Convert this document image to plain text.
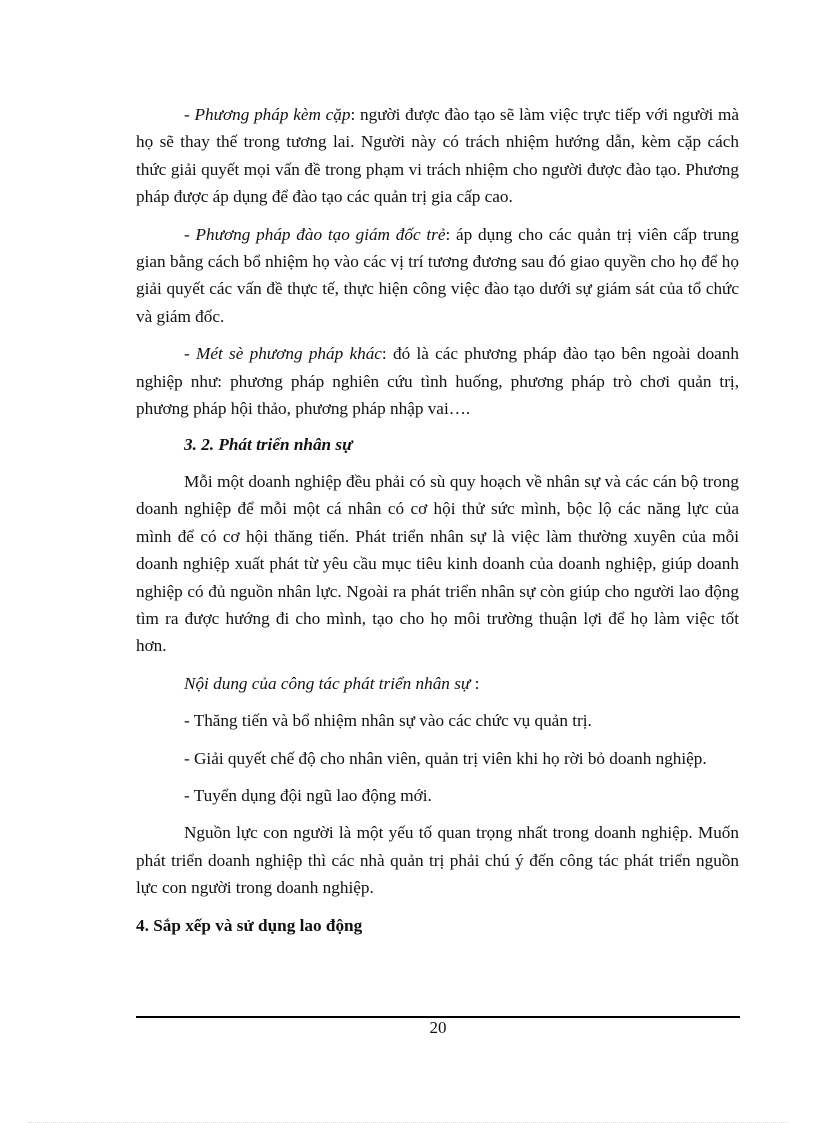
- Phương pháp kèm cặp: người được đào tạo sẽ làm việc trực tiếp với người mà họ sẽ thay thế trong tương lai. Người này có trách nhiệm hướng dẫn, kèm cặp cách thức giải quyết mọi vấn đề trong phạm vi trách nhiệm cho người được đào tạo. Phương pháp được áp dụng để đào tạo các quản trị gia cấp cao.

- Phương pháp đào tạo giám đốc trẻ: áp dụng cho các quản trị viên cấp trung gian bằng cách bổ nhiệm họ vào các vị trí tương đương sau đó giao quyền cho họ để họ giải quyết các vấn đề thực tế, thực hiện công việc đào tạo dưới sự giám sát của tổ chức và giám đốc.

- Mét sè phương pháp khác: đó là các phương pháp đào tạo bên ngoài doanh nghiệp như: phương pháp nghiên cứu tình huống, phương pháp trò chơi quản trị, phương pháp hội thảo, phương pháp nhập vai….

3. 2. Phát triển nhân sự

Mỗi một doanh nghiệp đều phải có sù quy hoạch về nhân sự và các cán bộ trong doanh nghiệp để mỗi một cá nhân có cơ hội thử sức mình, bộc lộ các năng lực của mình để có cơ hội thăng tiến. Phát triển nhân sự là việc làm thường xuyên của mỗi doanh nghiệp xuất phát từ yêu cầu mục tiêu kinh doanh của doanh nghiệp, giúp doanh nghiệp có đủ nguồn nhân lực. Ngoài ra phát triển nhân sự còn giúp cho người lao động tìm ra được hướng đi cho mình, tạo cho họ môi trường thuận lợi để họ làm việc tốt hơn.

Nội dung của công tác phát triển nhân sự :

- Thăng tiến và bổ nhiệm nhân sự vào các chức vụ quản trị.

- Giải quyết chế độ cho nhân viên, quản trị viên khi họ rời bỏ doanh nghiệp.

- Tuyển dụng đội ngũ lao động mới.

Nguồn lực con người là một yếu tố quan trọng nhất trong doanh nghiệp. Muốn phát triển doanh nghiệp thì các nhà quản trị phải chú ý đến công tác phát triển nguồn lực con người trong doanh nghiệp.

4. Sắp xếp và sử dụng lao động

20
